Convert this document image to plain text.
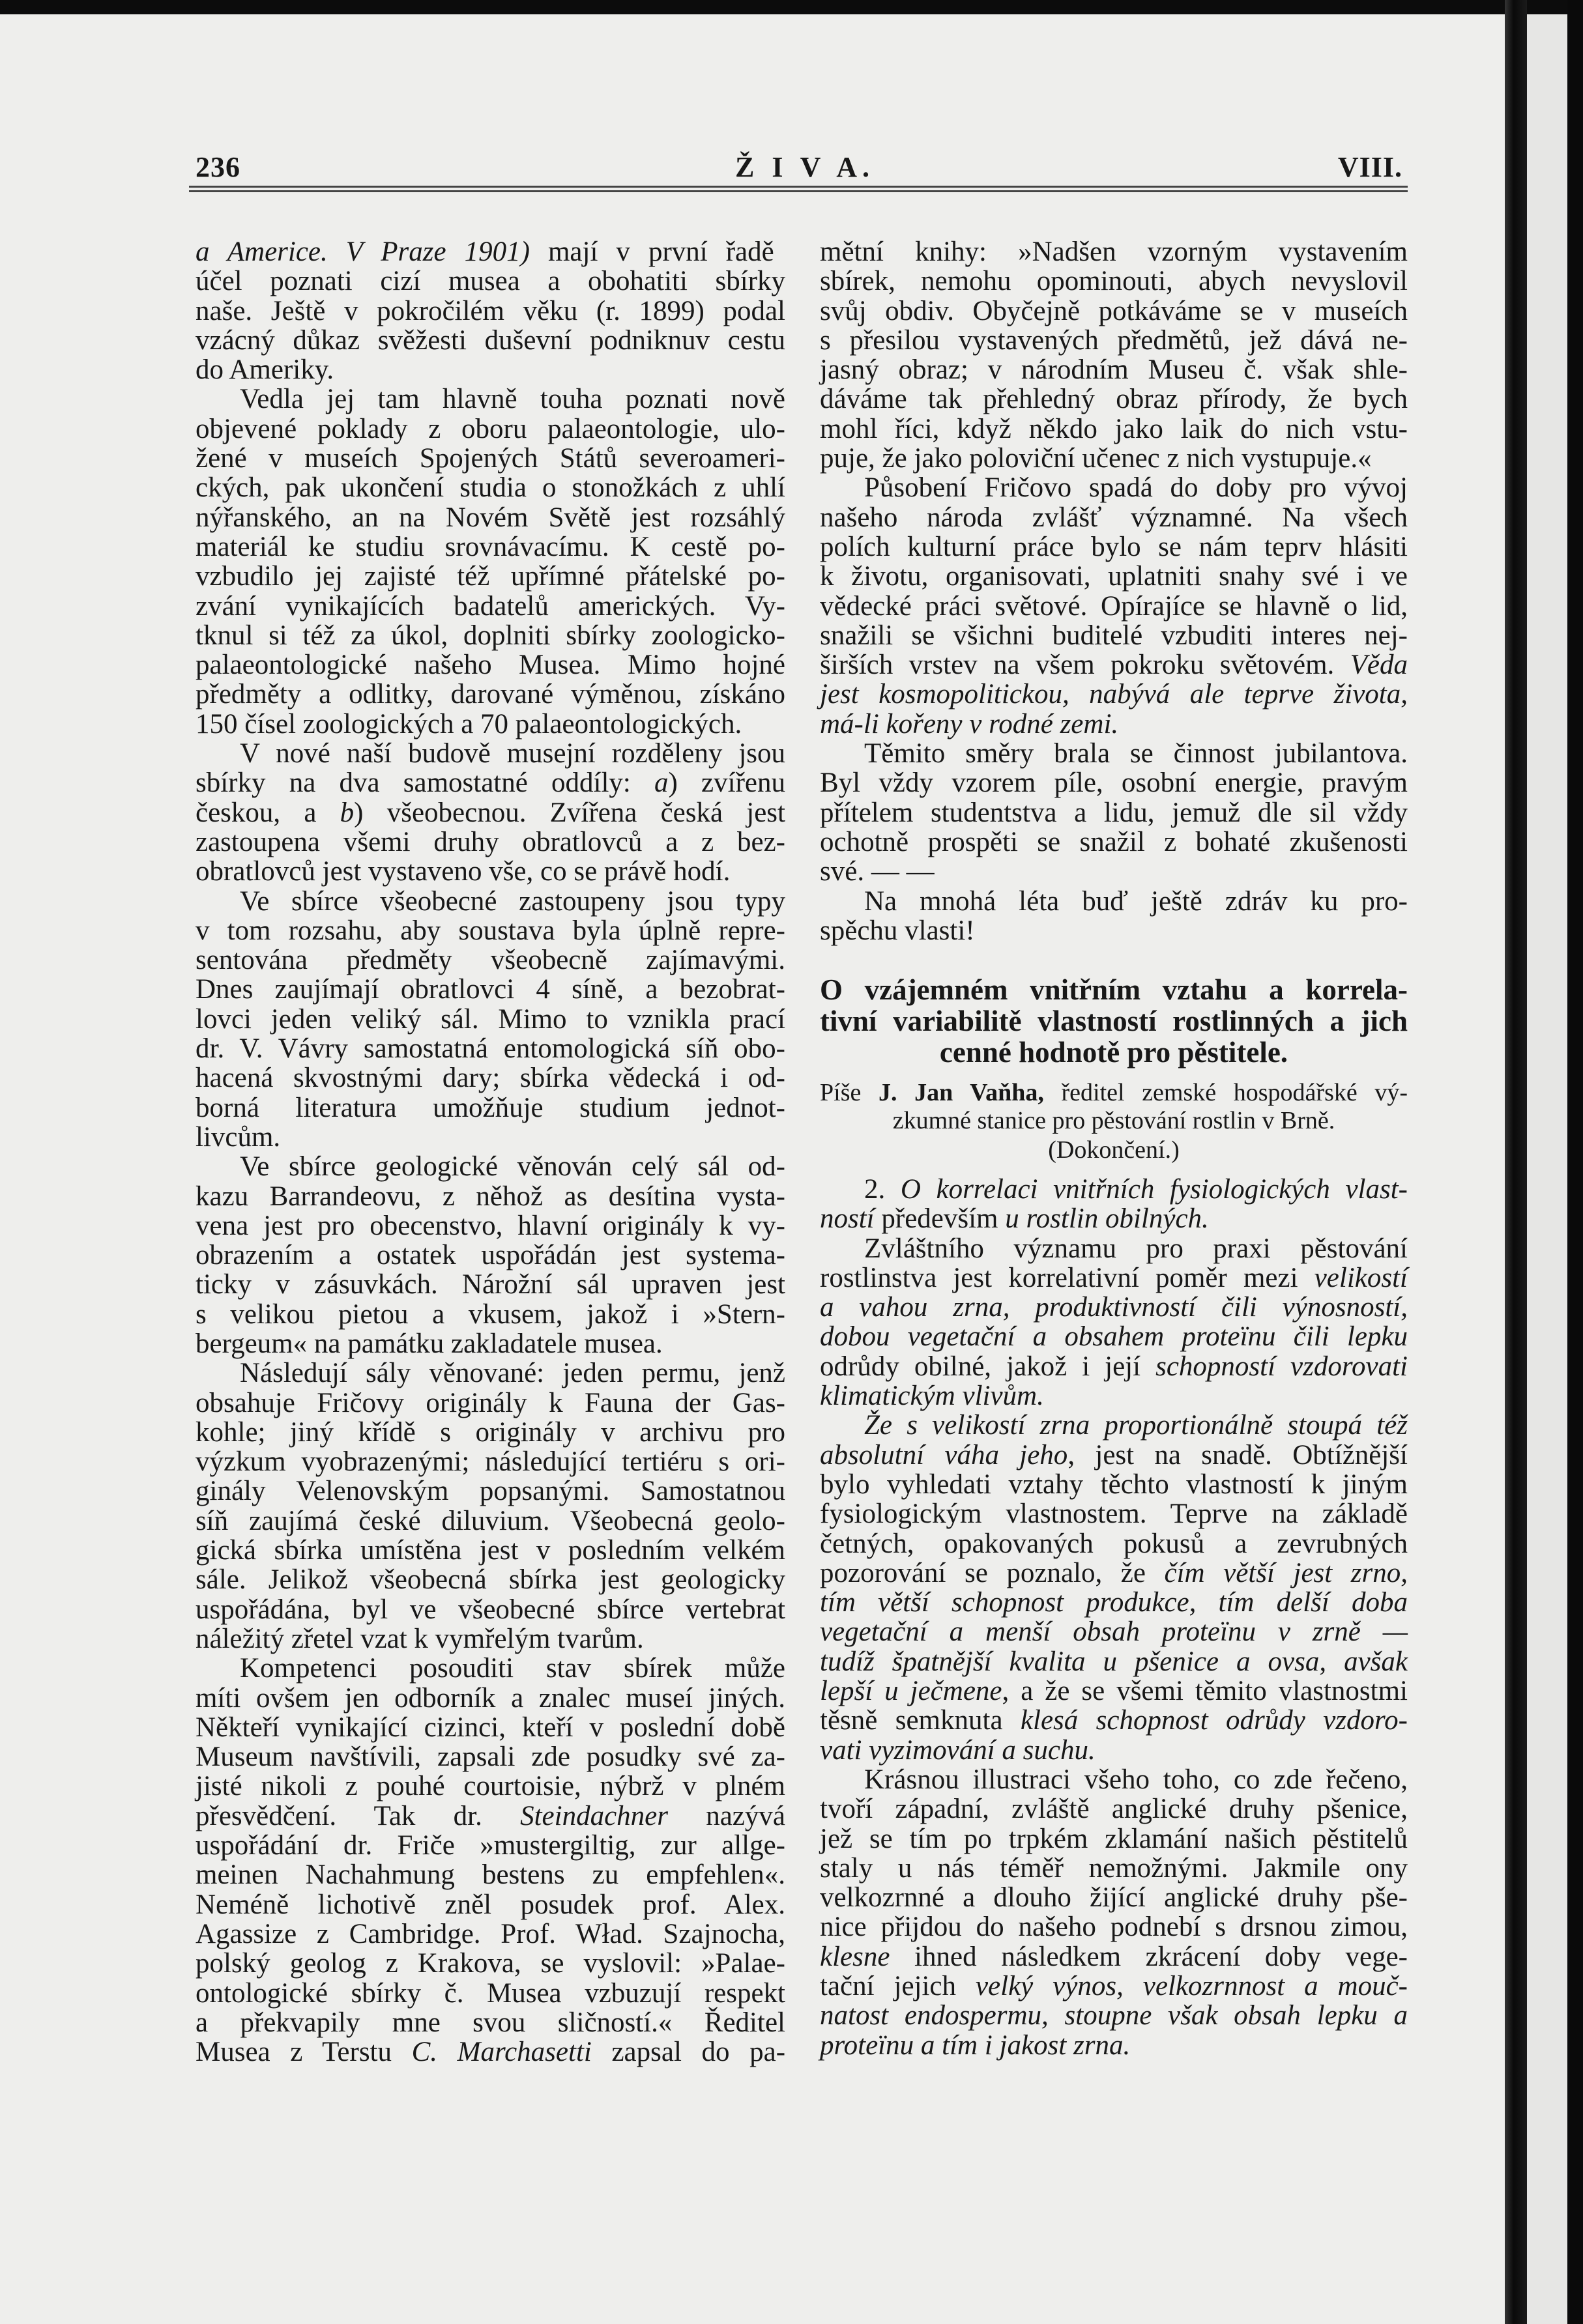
236	Ž I V A.	VIII.
a Americe. V Praze 1901) mají v první řadě
účel poznati cizí musea a obohatiti sbírky
naše. Ještě v pokročilém věku (r. 1899) podal
vzácný důkaz svěžesti duševní podniknuv cestu
do Ameriky.
Vedla jej tam hlavně touha poznati nově
objevené poklady z oboru palaeontologie, ulo-
žené v museích Spojených Států severoameri-
ckých, pak ukončení studia o stonožkách z uhlí
nýřanského, an na Novém Světě jest rozsáhlý
materiál ke studiu srovnávacímu. K cestě po-
vzbudilo jej zajisté též upřímné přátelské po-
zvání vynikajících badatelů amerických. Vy-
tknul si též za úkol, doplniti sbírky zoologicko-
palaeontologické našeho Musea. Mimo hojné
předměty a odlitky, darované výměnou, získáno
150 čísel zoologických a 70 palaeontologických.
V nové naší budově musejní rozděleny jsou
sbírky na dva samostatné oddíly: a) zvířenu
českou, a b) všeobecnou. Zvířena česká jest
zastoupena všemi druhy obratlovců a z bez-
obratlovců jest vystaveno vše, co se právě hodí.
Ve sbírce všeobecné zastoupeny jsou typy
v tom rozsahu, aby soustava byla úplně repre-
sentována předměty všeobecně zajímavými.
Dnes zaujímají obratlovci 4 síně, a bezobrat-
lovci jeden veliký sál. Mimo to vznikla prací
dr. V. Vávry samostatná entomologická síň obo-
hacená skvostnými dary; sbírka vědecká i od-
borná literatura umožňuje studium jednot-
livcům.
Ve sbírce geologické věnován celý sál od-
kazu Barrandeovu, z něhož as desítina vysta-
vena jest pro obecenstvo, hlavní originály k vy-
obrazením a ostatek uspořádán jest systema-
ticky v zásuvkách. Nárožní sál upraven jest
s velikou pietou a vkusem, jakož i »Stern-
bergeum« na památku zakladatele musea.
Následují sály věnované: jeden permu, jenž
obsahuje Fričovy originály k Fauna der Gas-
kohle; jiný křídě s originály v archivu pro
výzkum vyobrazenými; následující tertiéru s ori-
ginály Velenovským popsanými. Samostatnou
síň zaujímá české diluvium. Všeobecná geolo-
gická sbírka umístěna jest v posledním velkém
sále. Jelikož všeobecná sbírka jest geologicky
uspořádána, byl ve všeobecné sbírce vertebrat
náležitý zřetel vzat k vymřelým tvarům.
Kompetenci posouditi stav sbírek může
míti ovšem jen odborník a znalec museí jiných.
Někteří vynikající cizinci, kteří v poslední době
Museum navštívili, zapsali zde posudky své za-
jisté nikoli z pouhé courtoisie, nýbrž v plném
přesvědčení. Tak dr. Steindachner nazývá
uspořádání dr. Friče »mustergiltig, zur allge-
meinen Nachahmung bestens zu empfehlen«.
Neméně lichotivě zněl posudek prof. Alex.
Agassize z Cambridge. Prof. Wład. Szajnocha,
polský geolog z Krakova, se vyslovil: »Palae-
ontologické sbírky č. Musea vzbuzují respekt
a překvapily mne svou sličností.« Ředitel
Musea z Terstu C. Marchasetti zapsal do pa-
mětní knihy: »Nadšen vzorným vystavením
sbírek, nemohu opominouti, abych nevyslovil
svůj obdiv. Obyčejně potkáváme se v museích
s přesilou vystavených předmětů, jež dává ne-
jasný obraz; v národním Museu č. však shle-
dáváme tak přehledný obraz přírody, že bych
mohl říci, když někdo jako laik do nich vstu-
puje, že jako poloviční učenec z nich vystupuje.«
Působení Fričovo spadá do doby pro vývoj
našeho národa zvlášť významné. Na všech
polích kulturní práce bylo se nám teprv hlásiti
k životu, organisovati, uplatniti snahy své i ve
vědecké práci světové. Opírajíce se hlavně o lid,
snažili se všichni buditelé vzbuditi interes nej-
širších vrstev na všem pokroku světovém. Věda
jest kosmopolitickou, nabývá ale teprve života,
má-li kořeny v rodné zemi.
Těmito směry brala se činnost jubilantova.
Byl vždy vzorem píle, osobní energie, pravým
přítelem studentstva a lidu, jemuž dle sil vždy
ochotně prospěti se snažil z bohaté zkušenosti
své. — —
Na mnohá léta buď ještě zdráv ku pro-
spěchu vlasti!
O vzájemném vnitřním vztahu a korrela-
tivní variabilitě vlastností rostlinných a jich
cenné hodnotě pro pěstitele.
Píše J. Jan Vaňha, ředitel zemské hospodářské vý-
zkumné stanice pro pěstování rostlin v Brně.
(Dokončení.)
2. O korrelaci vnitřních fysiologických vlast-
ností především u rostlin obilných.
Zvláštního významu pro praxi pěstování
rostlinstva jest korrelativní poměr mezi velikostí
a vahou zrna, produktivností čili výnosností,
dobou vegetační a obsahem proteïnu čili lepku
odrůdy obilné, jakož i její schopností vzdorovati
klimatickým vlivům.
Že s velikostí zrna proportionálně stoupá též
absolutní váha jeho, jest na snadě. Obtížnější
bylo vyhledati vztahy těchto vlastností k jiným
fysiologickým vlastnostem. Teprve na základě
četných, opakovaných pokusů a zevrubných
pozorování se poznalo, že čím větší jest zrno,
tím větší schopnost produkce, tím delší doba
vegetační a menší obsah proteïnu v zrně —
tudíž špatnější kvalita u pšenice a ovsa, avšak
lepší u ječmene, a že se všemi těmito vlastnostmi
těsně semknuta klesá schopnost odrůdy vzdoro-
vati vyzimování a suchu.
Krásnou illustraci všeho toho, co zde řečeno,
tvoří západní, zvláště anglické druhy pšenice,
jež se tím po trpkém zklamání našich pěstitelů
staly u nás téměř nemožnými. Jakmile ony
velkozrnné a dlouho žijící anglické druhy pše-
nice přijdou do našeho podnebí s drsnou zimou,
klesne ihned následkem zkrácení doby vege-
tační jejich velký výnos, velkozrnnost a mouč-
natost endospermu, stoupne však obsah lepku a
proteïnu a tím i jakost zrna.
